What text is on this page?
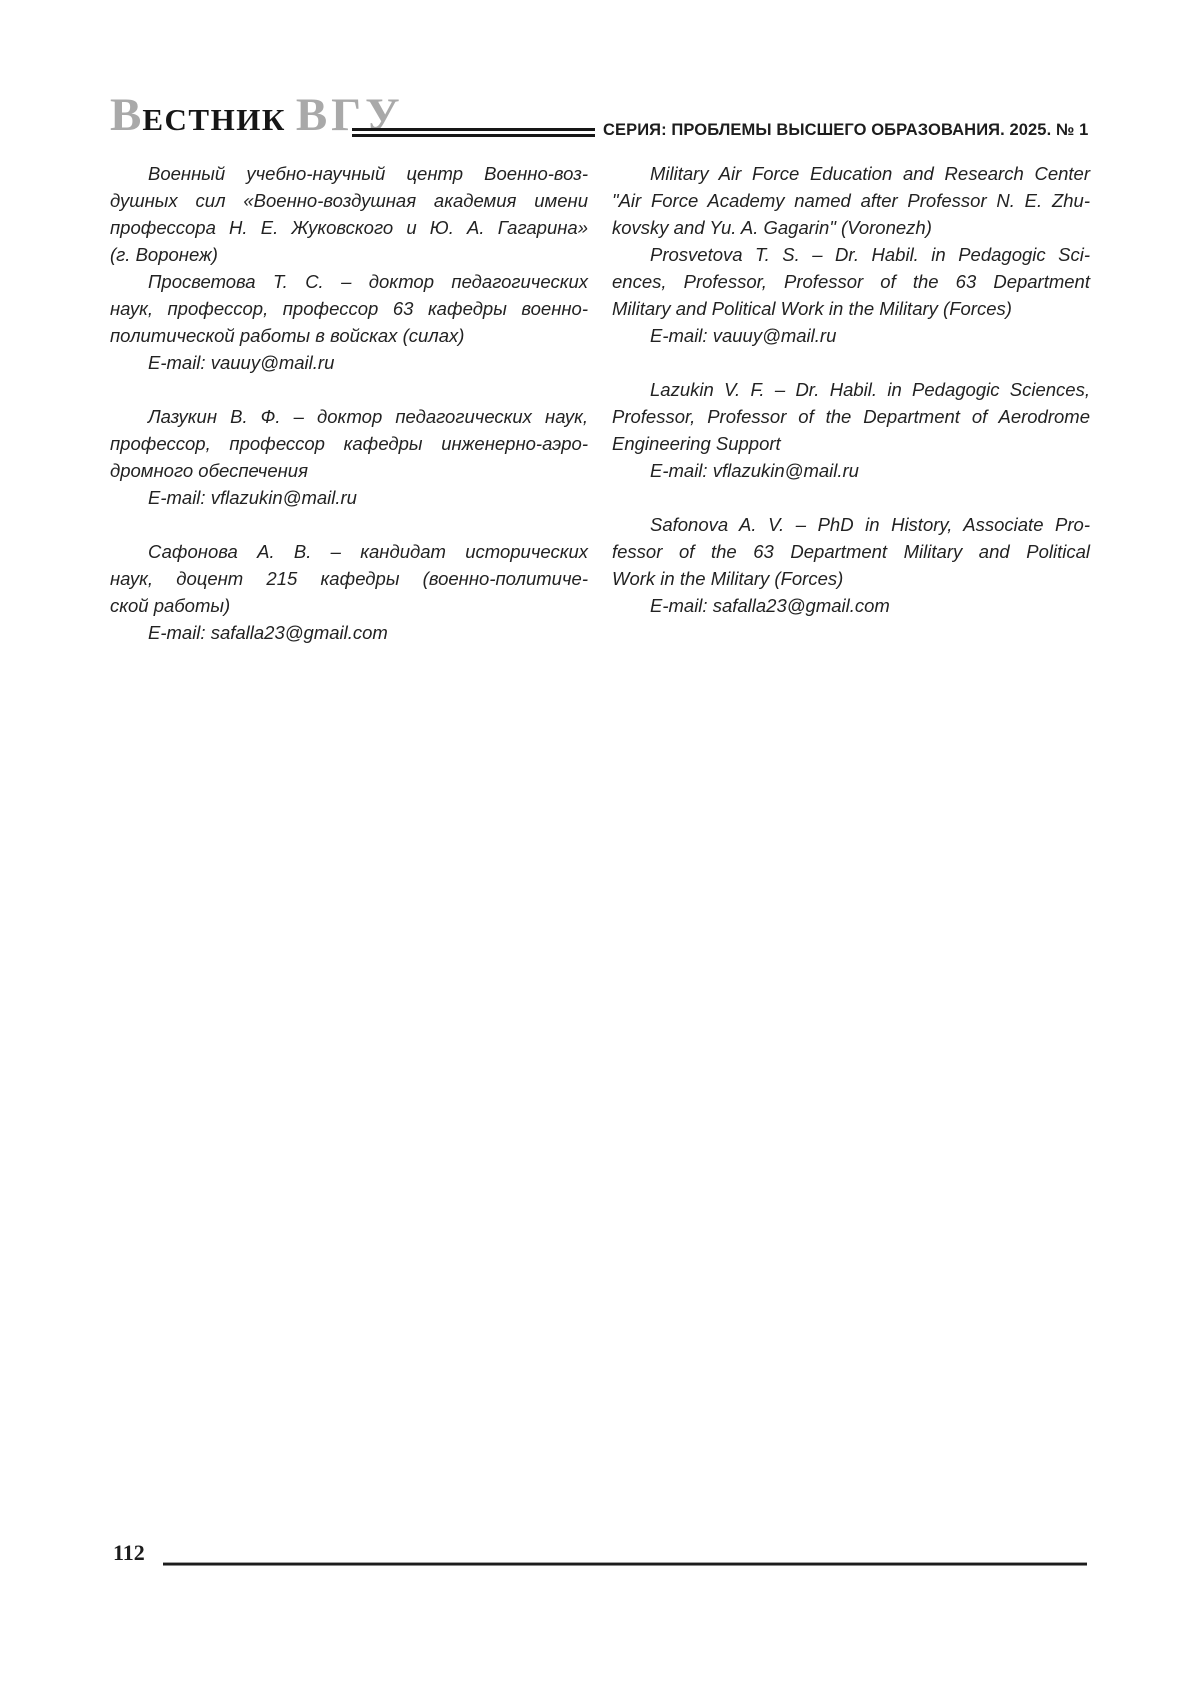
ВЕСТНИК ВГУ	СЕРИЯ: ПРОБЛЕМЫ ВЫСШЕГО ОБРАЗОВАНИЯ. 2025. № 1
Военный учебно-научный центр Военно-воз-
душных сил «Военно-воздушная академия имени
профессора Н. Е. Жуковского и Ю. А. Гагарина»
(г. Воронеж)
Просветова Т. С. – доктор педагогических
наук, профессор, профессор 63 кафедры военно-
политической работы в войсках (силах)
E-mail: vauuy@mail.ru
Лазукин В. Ф. – доктор педагогических наук,
профессор, профессор кафедры инженерно-аэро-
дромного обеспечения
E-mail: vflazukin@mail.ru
Сафонова А. В. – кандидат исторических
наук, доцент 215 кафедры (военно-политиче-
ской работы)
E-mail: safalla23@gmail.com
Military Air Force Education and Research Center
"Air Force Academy named after Professor N. E. Zhu-
kovsky and Yu. A. Gagarin" (Voronezh)
Prosvetova T. S. – Dr. Habil. in Pedagogic Sci-
ences, Professor, Professor of the 63 Department
Military and Political Work in the Military (Forces)
E-mail: vauuy@mail.ru
Lazukin V. F. – Dr. Habil. in Pedagogic Sciences,
Professor, Professor of the Department of Aerodrome
Engineering Support
E-mail: vflazukin@mail.ru
Safonova A. V. – PhD in History, Associate Pro-
fessor of the 63 Department Military and Political
Work in the Military (Forces)
E-mail: safalla23@gmail.com
112
